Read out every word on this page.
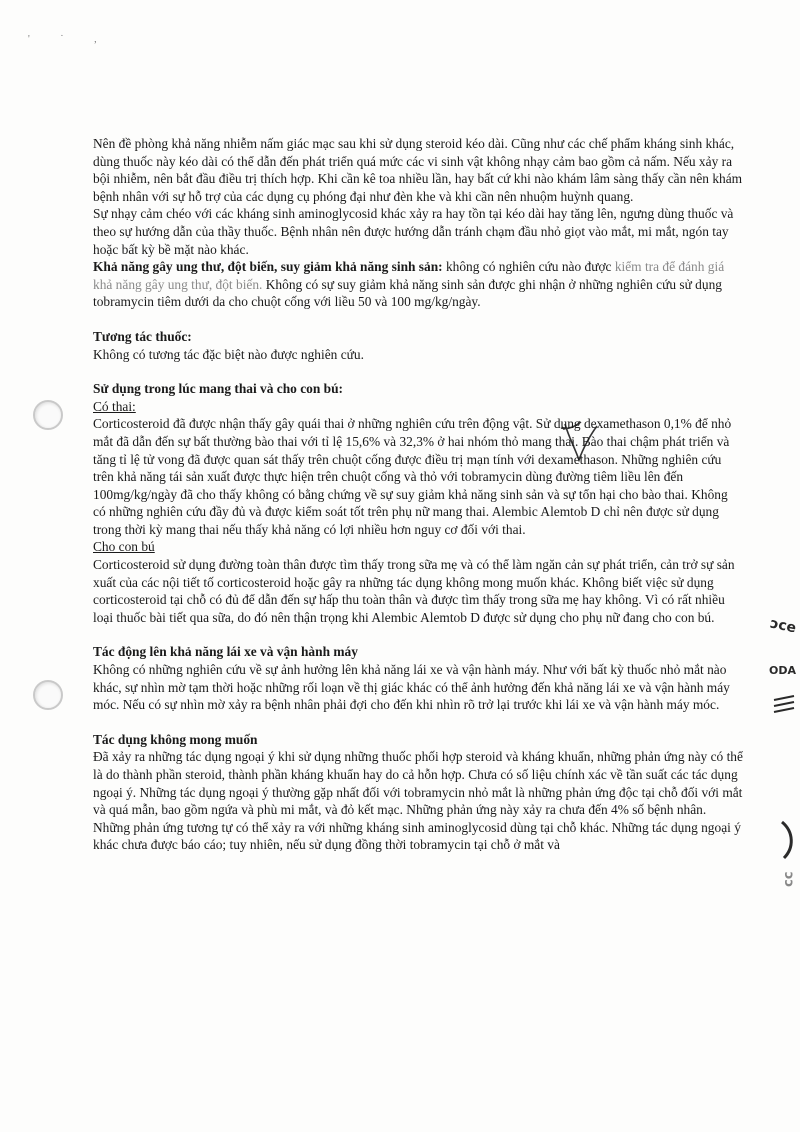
' ˙ ,
ɔce
ODA
ɔɔ

Nên đề phòng khả năng nhiễm nấm giác mạc sau khi sử dụng steroid kéo dài. Cũng như các chế phẩm kháng sinh khác, dùng thuốc này kéo dài có thể dẫn đến phát triển quá mức các vi sinh vật không nhạy cảm bao gồm cả nấm. Nếu xảy ra bội nhiễm, nên bắt đầu điều trị thích hợp. Khi cần kê toa nhiều lần, hay bất cứ khi nào khám lâm sàng thấy cần nên khám bệnh nhân với sự hỗ trợ của các dụng cụ phóng đại như đèn khe và khi cần nên nhuộm huỳnh quang.

Sự nhạy cảm chéo với các kháng sinh aminoglycosid khác xảy ra hay tồn tại kéo dài hay tăng lên, ngưng dùng thuốc và theo sự hướng dẫn của thầy thuốc. Bệnh nhân nên được hướng dẫn tránh chạm đầu nhỏ giọt vào mắt, mi mắt, ngón tay hoặc bất kỳ bề mặt nào khác.

Khả năng gây ung thư, đột biến, suy giảm khả năng sinh sản: không có nghiên cứu nào được kiểm tra để đánh giá khả năng gây ung thư, đột biến. Không có sự suy giảm khả năng sinh sản được ghi nhận ở những nghiên cứu sử dụng tobramycin tiêm dưới da cho chuột cống với liều 50 và 100 mg/kg/ngày.

Tương tác thuốc:

Không có tương tác đặc biệt nào được nghiên cứu.

Sử dụng trong lúc mang thai và cho con bú:

Có thai:

Corticosteroid đã được nhận thấy gây quái thai ở những nghiên cứu trên động vật. Sử dụng dexamethason 0,1% để nhỏ mắt đã dẫn đến sự bất thường bào thai với tỉ lệ 15,6% và 32,3% ở hai nhóm thỏ mang thai. Bào thai chậm phát triển và tăng tỉ lệ tử vong đã được quan sát thấy trên chuột cống được điều trị mạn tính với dexamethason. Những nghiên cứu trên khả năng tái sản xuất được thực hiện trên chuột cống và thỏ với tobramycin dùng đường tiêm liều lên đến 100mg/kg/ngày đã cho thấy không có bằng chứng về sự suy giảm khả năng sinh sản và sự tổn hại cho bào thai. Không có những nghiên cứu đầy đủ và được kiểm soát tốt trên phụ nữ mang thai. Alembic Alemtob D chỉ nên được sử dụng trong thời kỳ mang thai nếu thấy khả năng có lợi nhiều hơn nguy cơ đối với thai.

Cho con bú

Corticosteroid sử dụng đường toàn thân được tìm thấy trong sữa mẹ và có thể làm ngăn cản sự phát triển, cản trở sự sản xuất của các nội tiết tố corticosteroid hoặc gây ra những tác dụng không mong muốn khác. Không biết việc sử dụng corticosteroid tại chỗ có đủ để dẫn đến sự hấp thu toàn thân và được tìm thấy trong sữa mẹ hay không. Vì có rất nhiều loại thuốc bài tiết qua sữa, do đó nên thận trọng khi Alembic Alemtob D được sử dụng cho phụ nữ đang cho con bú.

Tác động lên khả năng lái xe và vận hành máy

Không có những nghiên cứu về sự ảnh hưởng lên khả năng lái xe và vận hành máy. Như với bất kỳ thuốc nhỏ mắt nào khác, sự nhìn mờ tạm thời hoặc những rối loạn về thị giác khác có thể ảnh hưởng đến khả năng lái xe và vận hành máy móc. Nếu có sự nhìn mờ xảy ra bệnh nhân phải đợi cho đến khi nhìn rõ trở lại trước khi lái xe và vận hành máy móc.

Tác dụng không mong muốn

Đã xảy ra những tác dụng ngoại ý khi sử dụng những thuốc phối hợp steroid và kháng khuẩn, những phản ứng này có thể là do thành phần steroid, thành phần kháng khuẩn hay do cả hỗn hợp. Chưa có số liệu chính xác về tần suất các tác dụng ngoại ý. Những tác dụng ngoại ý thường gặp nhất đối với tobramycin nhỏ mắt là những phản ứng độc tại chỗ đối với mắt và quá mẫn, bao gồm ngứa và phù mi mắt, và đỏ kết mạc. Những phản ứng này xảy ra chưa đến 4% số bệnh nhân. Những phản ứng tương tự có thể xảy ra với những kháng sinh aminoglycosid dùng tại chỗ khác. Những tác dụng ngoại ý khác chưa được báo cáo; tuy nhiên, nếu sử dụng đồng thời tobramycin tại chỗ ở mắt và
